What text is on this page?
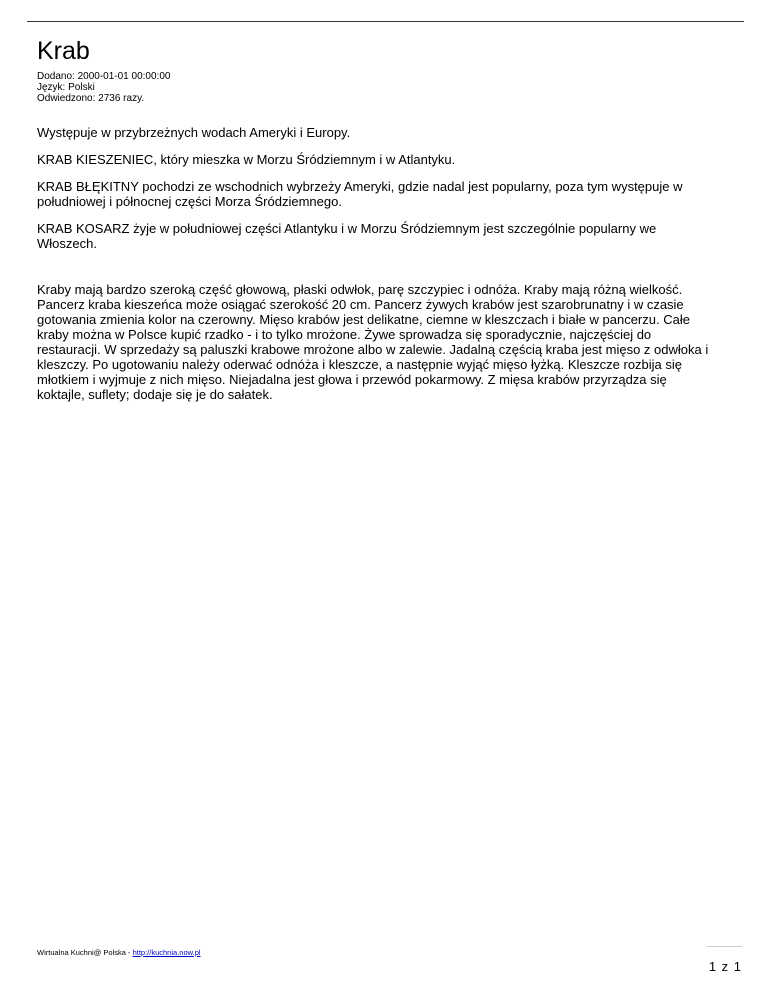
Krab
Dodano: 2000-01-01 00:00:00
Język: Polski
Odwiedzono: 2736 razy.

Występuje w przybrzeżnych wodach Ameryki i Europy.

KRAB KIESZENIEC, który mieszka w Morzu Śródziemnym i w Atlantyku.

KRAB BŁĘKITNY pochodzi ze wschodnich wybrzeży Ameryki, gdzie nadal jest popularny, poza tym występuje w południowej i północnej części Morza Śródziemnego.

KRAB KOSARZ żyje w południowej części Atlantyku i w Morzu Śródziemnym jest szczególnie popularny we Włoszech.

Kraby mają bardzo szeroką część głowową, płaski odwłok, parę szczypiec i odnóża. Kraby mają różną wielkość. Pancerz kraba kieszeńca może osiągać szerokość 20 cm. Pancerz żywych krabów jest szarobrunatny i w czasie gotowania zmienia kolor na czerowny. Mięso krabów jest delikatne, ciemne w kleszczach i białe w pancerzu. Całe kraby można w Polsce kupić rzadko - i to tylko mrożone. Żywe sprowadza się sporadycznie, najczęściej do restauracji. W sprzedaży są paluszki krabowe mrożone albo w zalewie. Jadalną częścią kraba jest mięso z odwłoka i kleszczy. Po ugotowaniu należy oderwać odnóża i kleszcze, a następnie wyjąć mięso łyżką. Kleszcze rozbija się młotkiem i wyjmuje z nich mięso. Niejadalna jest głowa i przewód pokarmowy. Z mięsa krabów przyrządza się koktajle, suflety; dodaje się je do sałatek.

Wirtualna Kuchni@ Polska - http://kuchnia.now.pl
1 z 1
